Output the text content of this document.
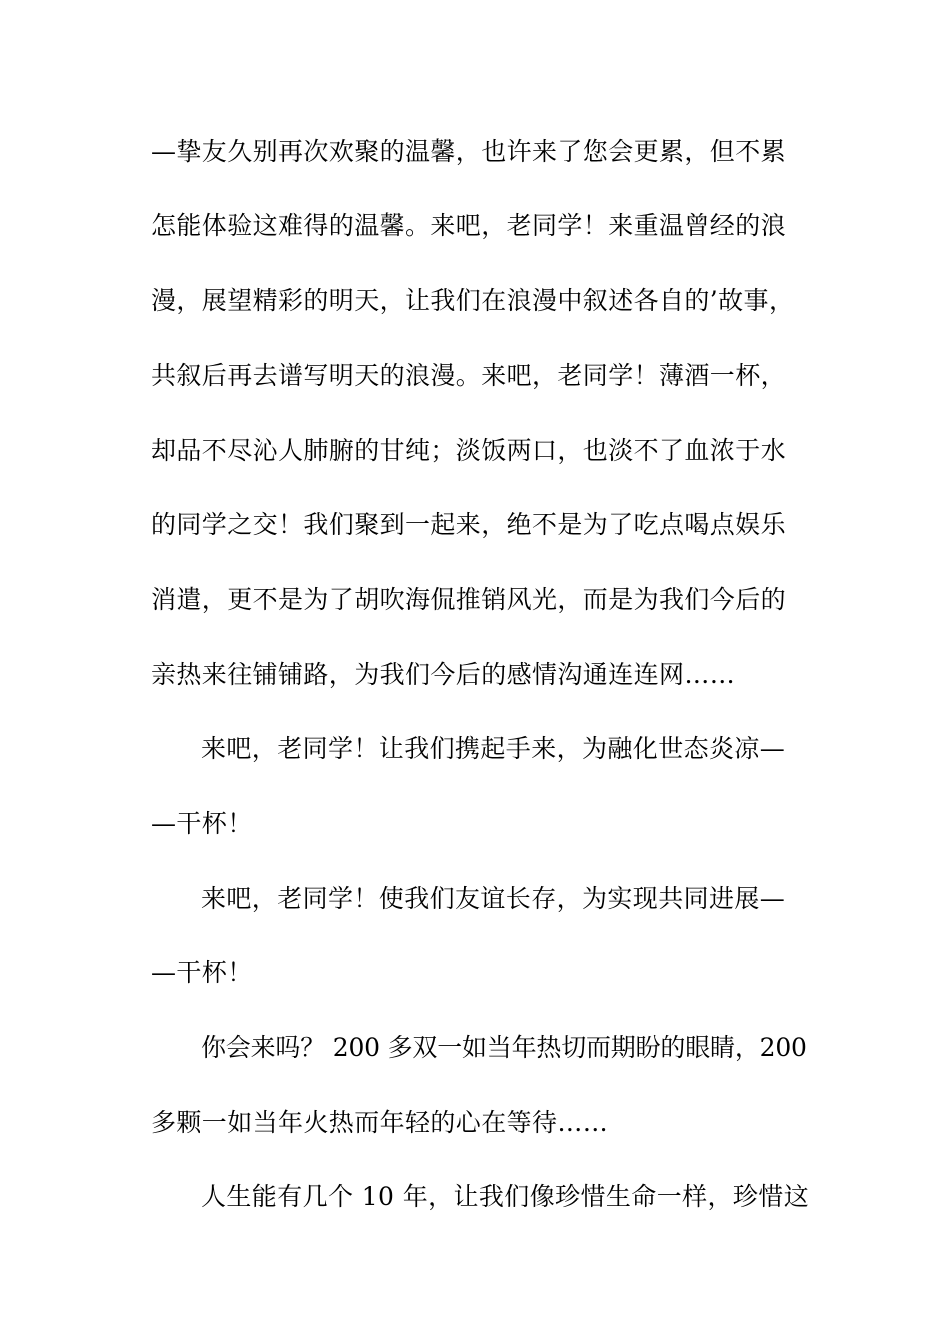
—挚友久别再次欢聚的温馨，也许来了您会更累，但不累
怎能体验这难得的温馨。来吧，老同学！来重温曾经的浪
漫，展望精彩的明天，让我们在浪漫中叙述各自的’故事，
共叙后再去谱写明天的浪漫。来吧，老同学！薄酒一杯，
却品不尽沁人肺腑的甘纯；淡饭两口，也淡不了血浓于水
的同学之交！我们聚到一起来，绝不是为了吃点喝点娱乐
消遣，更不是为了胡吹海侃推销风光，而是为我们今后的
亲热来往铺铺路，为我们今后的感情沟通连连网……
来吧，老同学！让我们携起手来，为融化世态炎凉—
—干杯！
来吧，老同学！使我们友谊长存，为实现共同进展—
—干杯！
你会来吗？ 200 多双一如当年热切而期盼的眼睛，200
多颗一如当年火热而年轻的心在等待……
人生能有几个 10 年，让我们像珍惜生命一样，珍惜这
